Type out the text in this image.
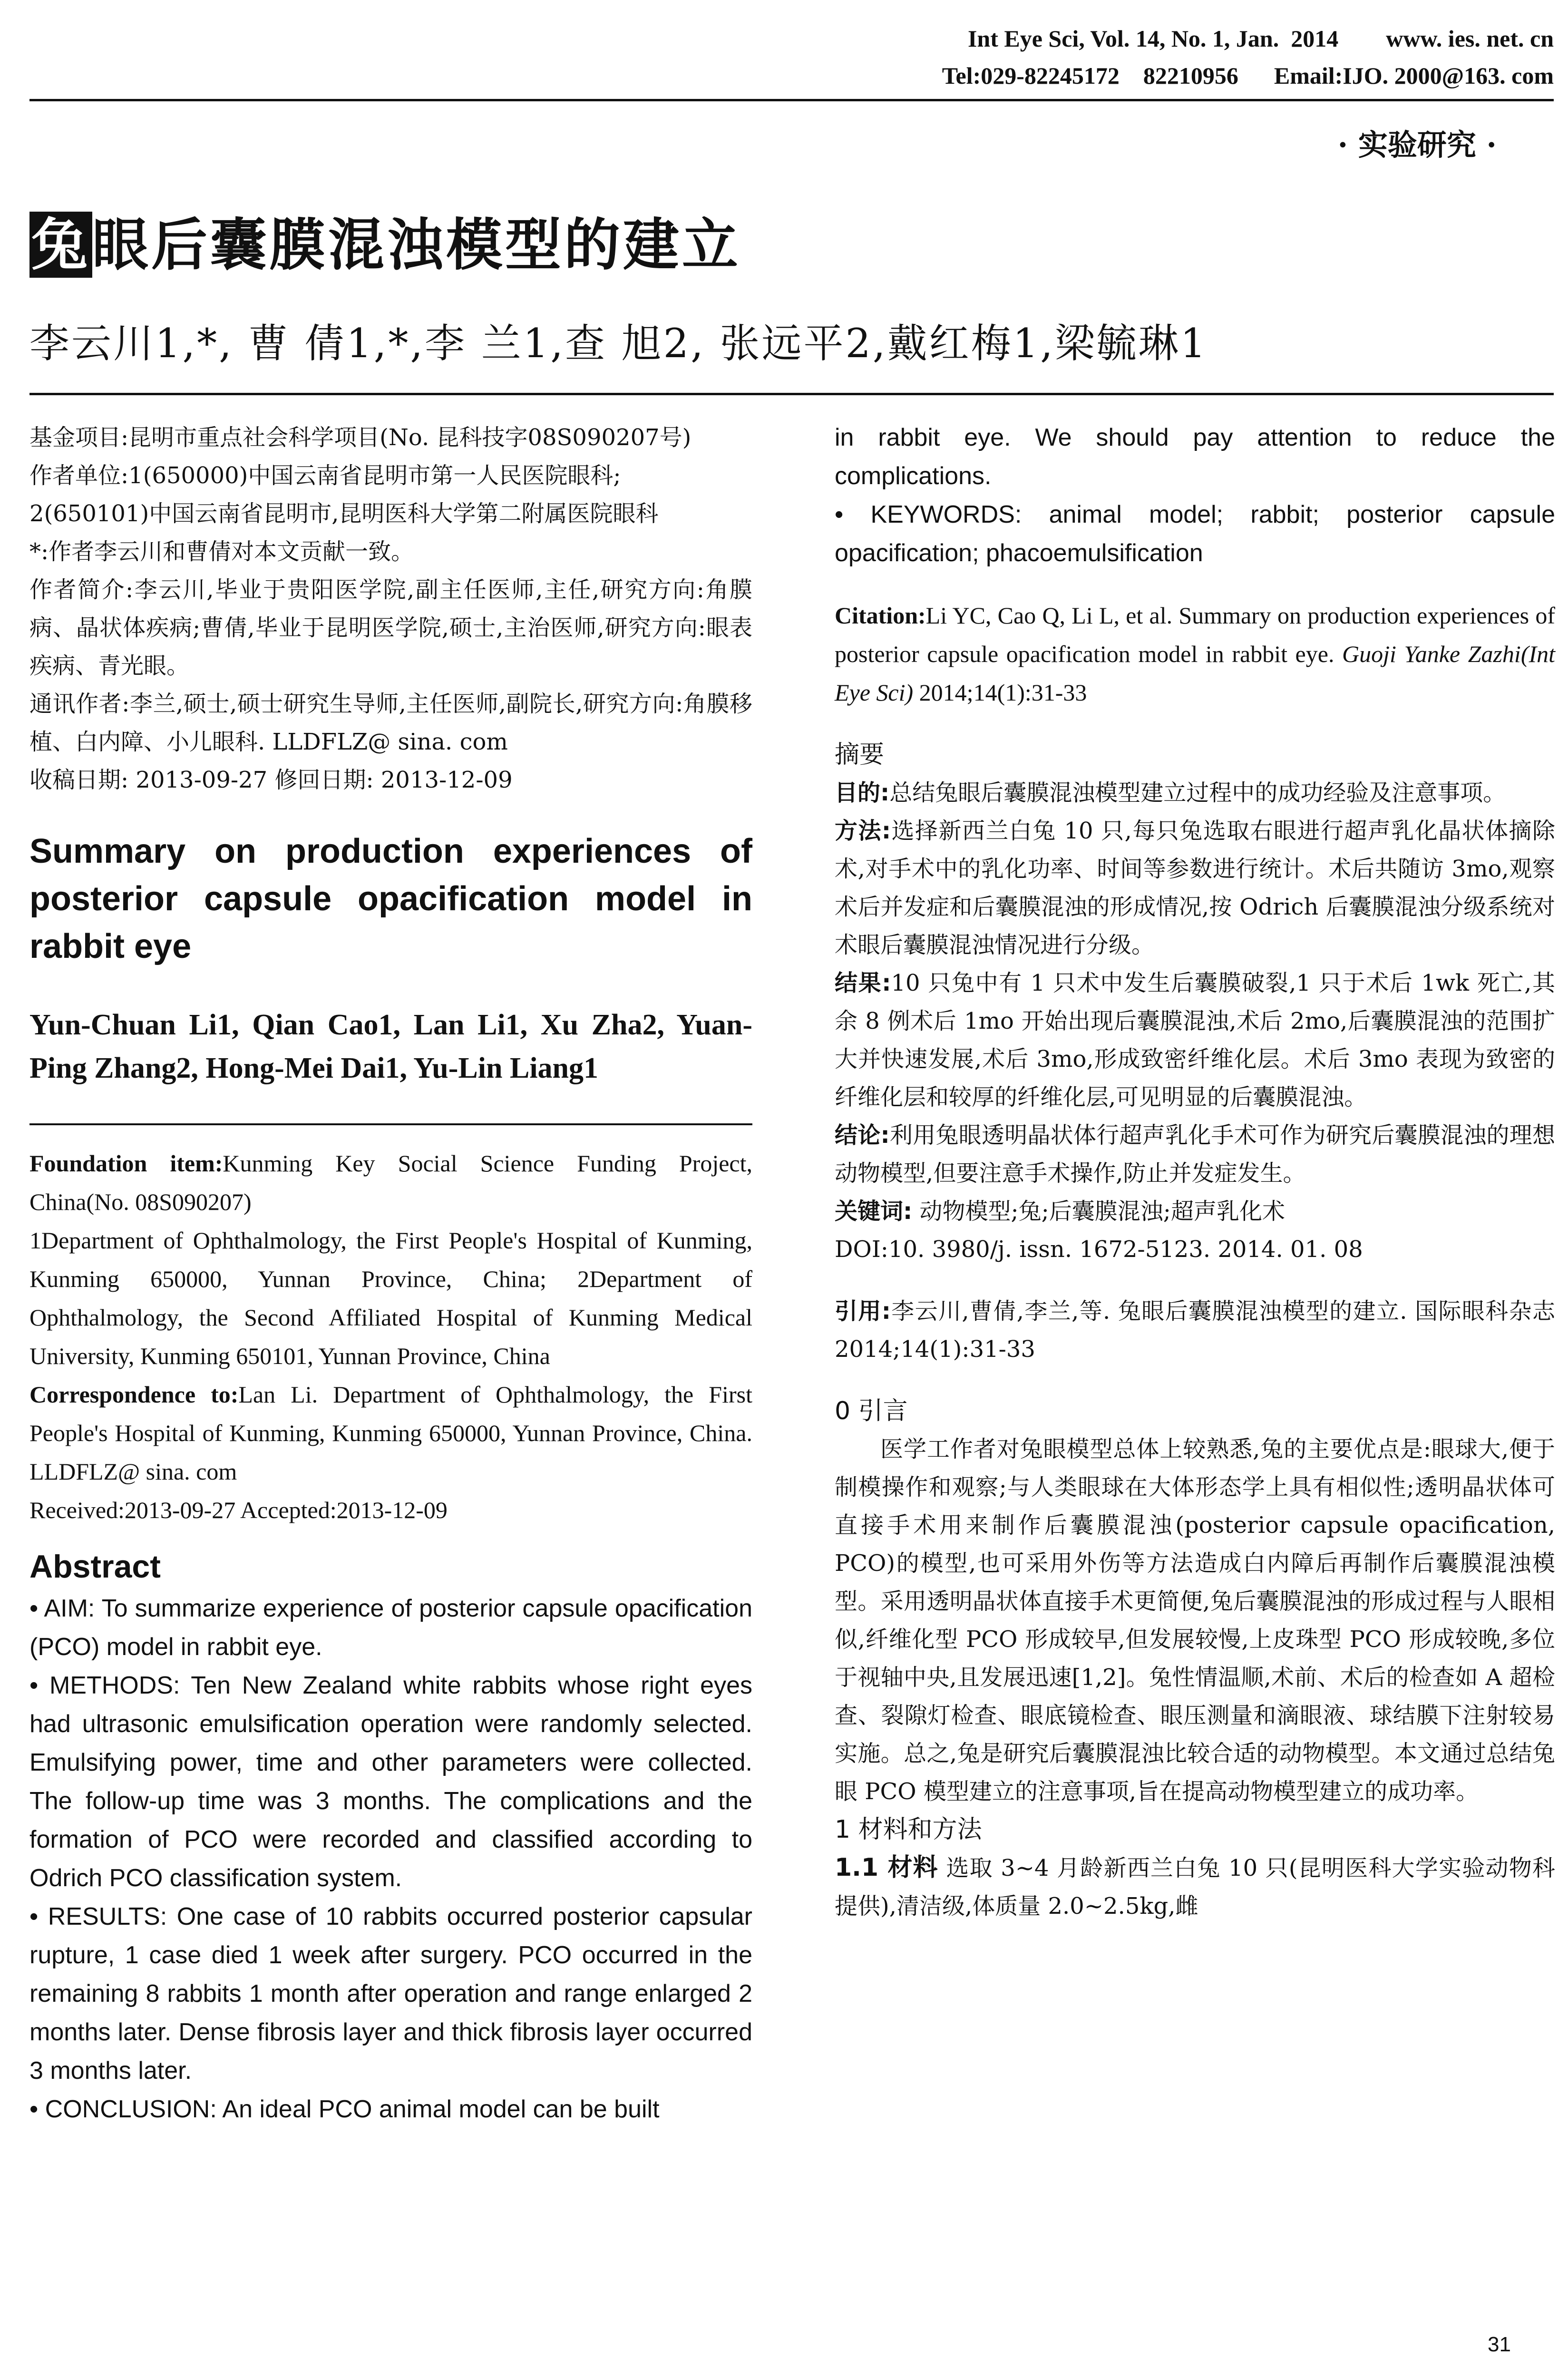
Int Eye Sci, Vol. 14, No. 1, Jan.  2014        www. ies. net. cn
Tel:029-82245172    82210956      Email:IJO. 2000@163. com
· 实验研究 ·
兔眼后囊膜混浊模型的建立
李云川1,*, 曹 倩1,*,李 兰1,查 旭2, 张远平2,戴红梅1,梁毓琳1

基金项目:昆明市重点社会科学项目(No. 昆科技字08S090207号)

作者单位:1(650000)中国云南省昆明市第一人民医院眼科;

2(650101)中国云南省昆明市,昆明医科大学第二附属医院眼科

*:作者李云川和曹倩对本文贡献一致。

作者简介:李云川,毕业于贵阳医学院,副主任医师,主任,研究方向:角膜病、晶状体疾病;曹倩,毕业于昆明医学院,硕士,主治医师,研究方向:眼表疾病、青光眼。

通讯作者:李兰,硕士,硕士研究生导师,主任医师,副院长,研究方向:角膜移植、白内障、小儿眼科. LLDFLZ@ sina. com

收稿日期: 2013-09-27 修回日期: 2013-12-09

Summary on production experiences of posterior capsule opacification model in rabbit eye
Yun-Chuan Li1, Qian Cao1, Lan Li1, Xu Zha2, Yuan-Ping Zhang2, Hong-Mei Dai1, Yu-Lin Liang1

Foundation item:Kunming Key Social Science Funding Project, China(No. 08S090207)

1Department of Ophthalmology, the First People's Hospital of Kunming, Kunming 650000, Yunnan Province, China; 2Department of Ophthalmology, the Second Affiliated Hospital of Kunming Medical University, Kunming 650101, Yunnan Province, China

Correspondence to:Lan Li. Department of Ophthalmology, the First People's Hospital of Kunming, Kunming 650000, Yunnan Province, China. LLDFLZ@ sina. com

Received:2013-09-27 Accepted:2013-12-09

Abstract

• AIM: To summarize experience of posterior capsule opacification (PCO) model in rabbit eye.

• METHODS: Ten New Zealand white rabbits whose right eyes had ultrasonic emulsification operation were randomly selected. Emulsifying power, time and other parameters were collected. The follow-up time was 3 months. The complications and the formation of PCO were recorded and classified according to Odrich PCO classification system.

• RESULTS: One case of 10 rabbits occurred posterior capsular rupture, 1 case died 1 week after surgery. PCO occurred in the remaining 8 rabbits 1 month after operation and range enlarged 2 months later. Dense fibrosis layer and thick fibrosis layer occurred 3 months later.

• CONCLUSION: An ideal PCO animal model can be built

in rabbit eye. We should pay attention to reduce the complications.

• KEYWORDS: animal model; rabbit; posterior capsule opacification; phacoemulsification

Citation:Li YC, Cao Q, Li L, et al. Summary on production experiences of posterior capsule opacification model in rabbit eye. Guoji Yanke Zazhi(Int Eye Sci) 2014;14(1):31-33

摘要

目的:总结兔眼后囊膜混浊模型建立过程中的成功经验及注意事项。

方法:选择新西兰白兔 10 只,每只兔选取右眼进行超声乳化晶状体摘除术,对手术中的乳化功率、时间等参数进行统计。术后共随访 3mo,观察术后并发症和后囊膜混浊的形成情况,按 Odrich 后囊膜混浊分级系统对术眼后囊膜混浊情况进行分级。

结果:10 只兔中有 1 只术中发生后囊膜破裂,1 只于术后 1wk 死亡,其余 8 例术后 1mo 开始出现后囊膜混浊,术后 2mo,后囊膜混浊的范围扩大并快速发展,术后 3mo,形成致密纤维化层。术后 3mo 表现为致密的纤维化层和较厚的纤维化层,可见明显的后囊膜混浊。

结论:利用兔眼透明晶状体行超声乳化手术可作为研究后囊膜混浊的理想动物模型,但要注意手术操作,防止并发症发生。

关键词: 动物模型;兔;后囊膜混浊;超声乳化术

DOI:10. 3980/j. issn. 1672-5123. 2014. 01. 08

引用:李云川,曹倩,李兰,等. 兔眼后囊膜混浊模型的建立. 国际眼科杂志 2014;14(1):31-33

0 引言

医学工作者对兔眼模型总体上较熟悉,兔的主要优点是:眼球大,便于制模操作和观察;与人类眼球在大体形态学上具有相似性;透明晶状体可直接手术用来制作后囊膜混浊(posterior capsule opacification, PCO)的模型,也可采用外伤等方法造成白内障后再制作后囊膜混浊模型。采用透明晶状体直接手术更简便,兔后囊膜混浊的形成过程与人眼相似,纤维化型 PCO 形成较早,但发展较慢,上皮珠型 PCO 形成较晚,多位于视轴中央,且发展迅速[1,2]。兔性情温顺,术前、术后的检查如 A 超检查、裂隙灯检查、眼底镜检查、眼压测量和滴眼液、球结膜下注射较易实施。总之,兔是研究后囊膜混浊比较合适的动物模型。本文通过总结兔眼 PCO 模型建立的注意事项,旨在提高动物模型建立的成功率。

1 材料和方法

1.1 材料 选取 3~4 月龄新西兰白兔 10 只(昆明医科大学实验动物科提供),清洁级,体质量 2.0~2.5kg,雌

31
